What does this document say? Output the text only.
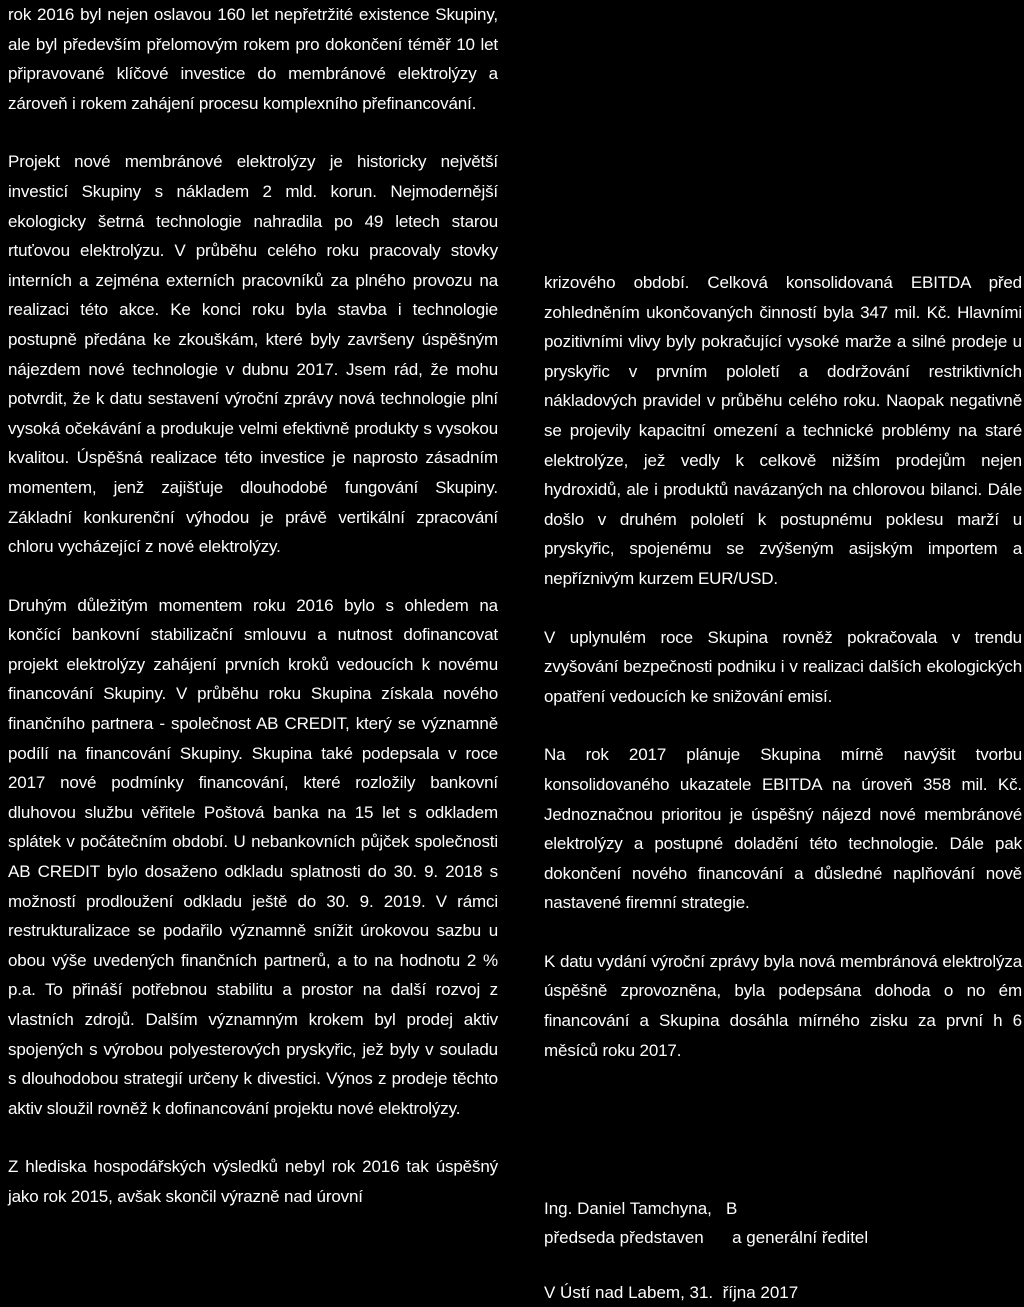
rok 2016 byl nejen oslavou 160 let nepřetržité existence Skupiny, ale byl především přelomovým rokem pro dokončení téměř 10 let připravované klíčové investice do membránové elektrolýzy a zároveň i rokem zahájení procesu komplexního přefinancování.

Projekt nové membránové elektrolýzy je historicky největší investicí Skupiny s nákladem 2 mld. korun. Nejmodernější ekologicky šetrná technologie nahradila po 49 letech starou rtuťovou elektrolýzu. V průběhu celého roku pracovaly stovky interních a zejména externích pracovníků za plného provozu na realizaci této akce. Ke konci roku byla stavba i technologie postupně předána ke zkouškám, které byly završeny úspěšným nájezdem nové technologie v dubnu 2017. Jsem rád, že mohu potvrdit, že k datu sestavení výroční zprávy nová technologie plní vysoká očekávání a produkuje velmi efektivně produkty s vysokou kvalitou. Úspěšná realizace této investice je naprosto zásadním momentem, jenž zajišťuje dlouhodobé fungování Skupiny. Základní konkurenční výhodou je právě vertikální zpracování chloru vycházející z nové elektrolýzy.

Druhým důležitým momentem roku 2016 bylo s ohledem na končící bankovní stabilizační smlouvu a nutnost dofinancovat projekt elektrolýzy zahájení prvních kroků vedoucích k novému financování Skupiny. V průběhu roku Skupina získala nového finančního partnera - společnost AB CREDIT, který se významně podílí na financování Skupiny. Skupina také podepsala v roce 2017 nové podmínky financování, které rozložily bankovní dluhovou službu věřitele Poštová banka na 15 let s odkladem splátek v počátečním období. U nebankovních půjček společnosti AB CREDIT bylo dosaženo odkladu splatnosti do 30. 9. 2018 s možností prodloužení odkladu ještě do 30. 9. 2019. V rámci restrukturalizace se podařilo významně snížit úrokovou sazbu u obou výše uvedených finančních partnerů, a to na hodnotu 2 % p.a. To přináší potřebnou stabilitu a prostor na další rozvoj z vlastních zdrojů. Dalším významným krokem byl prodej aktiv spojených s výrobou polyesterových pryskyřic, jež byly v souladu s dlouhodobou strategií určeny k divestici. Výnos z prodeje těchto aktiv sloužil rovněž k dofinancování projektu nové elektrolýzy.

Z hlediska hospodářských výsledků nebyl rok 2016 tak úspěšný jako rok 2015, avšak skončil výrazně nad úrovní

krizového období. Celková konsolidovaná EBITDA před zohledněním ukončovaných činností byla 347 mil. Kč. Hlavními pozitivními vlivy byly pokračující vysoké marže a silné prodeje u pryskyřic v prvním pololetí a dodržování restriktivních nákladových pravidel v průběhu celého roku. Naopak negativně se projevily kapacitní omezení a technické problémy na staré elektrolýze, jež vedly k celkově nižším prodejům nejen hydroxidů, ale i produktů navázaných na chlorovou bilanci. Dále došlo v druhém pololetí k postupnému poklesu marží u pryskyřic, spojenému se zvýšeným asijským importem a nepříznivým kurzem EUR/USD.

V uplynulém roce Skupina rovněž pokračovala v trendu zvyšování bezpečnosti podniku i v realizaci dalších ekologických opatření vedoucích ke snižování emisí.

Na rok 2017 plánuje Skupina mírně navýšit tvorbu konsolidovaného ukazatele EBITDA na úroveň 358 mil. Kč. Jednoznačnou prioritou je úspěšný nájezd nové membránové elektrolýzy a postupné doladění této technologie. Dále pak dokončení nového financování a důsledné naplňování nově nastavené firemní strategie.

K datu vydání výroční zprávy byla nová membránová elektrolýza úspěšně zprovozněna, byla podepsána dohoda o no ém financování a Skupina dosáhla mírného zisku za první h 6 měsíců roku 2017.

Ing. Daniel Tamchyna,   B
předseda představen      a generální ředitel
V Ústí nad Labem, 31.  října 2017
